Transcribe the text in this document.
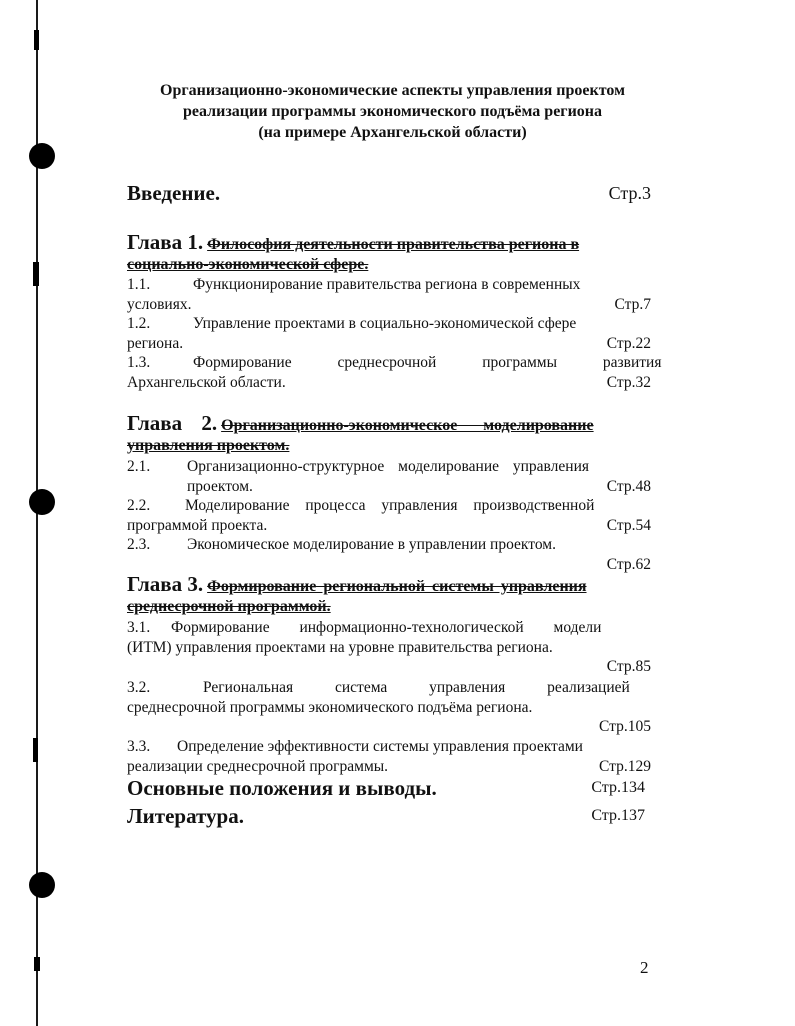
Организационно-экономические аспекты управления проектом
реализации программы экономического подъёма региона
(на примере Архангельской области)
Введение.	Стр.3
Глава 1. Философия деятельности правительства региона в
социально-экономической сфере.
1.1.	Функционирование правительства региона в современных
условиях.	Стр.7
1.2.	Управление проектами в социально-экономической сфере
региона.	Стр.22
1.3.	Формирование среднесрочной программы развития
Архангельской области.	Стр.32
Глава 2. Организационно-экономическое моделирование
управления проектом.
2.1. Организационно-структурное моделирование управления
проектом.	Стр.48
2.2. Моделирование процесса управления производственной
программой проекта.	Стр.54
2.3. Экономическое моделирование в управлении проектом.
Стр.62
Глава 3. Формирование региональной системы управления
среднесрочной программой.
3.1. Формирование информационно-технологической модели
(ИТМ) управления проектами на уровне правительства региона.
Стр.85
3.2.	Региональная система управления реализацией
среднесрочной программы экономического подъёма региона.
Стр.105
3.3. Определение эффективности системы управления проектами
реализации среднесрочной программы.	Стр.129
Основные положения и выводы.	Стр.134
Литература.	Стр.137
2
